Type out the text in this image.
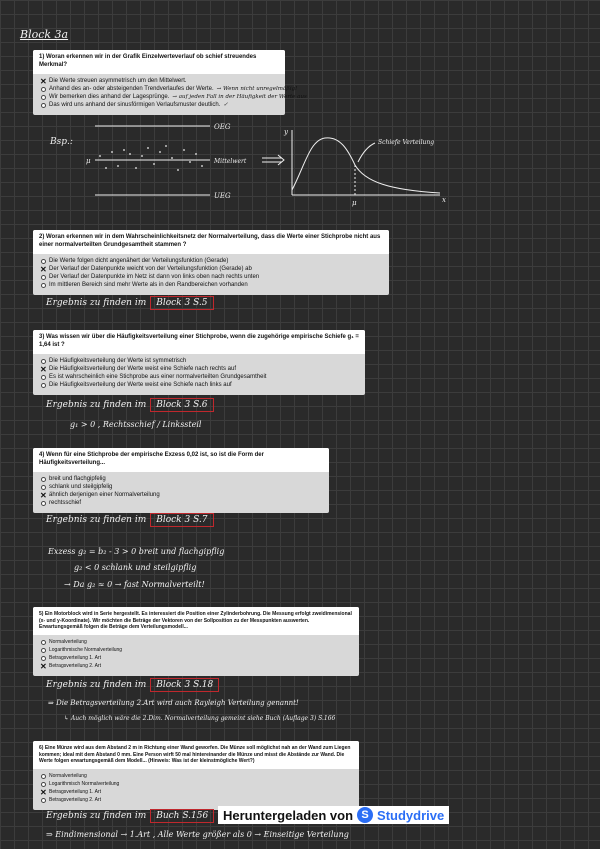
Block 3a
1) Woran erkennen wir in der Grafik Einzelwerteverlauf ob schief streuendes Merkmal?
✕ Die Werte streuen asymmetrisch um den Mittelwert.
Anhand des an- oder absteigenden Trendverlaufes der Werte. → Wenn nicht unregelmäßig!
Wir bemerken dies anhand der Lagesprünge. → auf jeden Fall in der Häufigkeit der Werte aus
Das wird uns anhand der sinusförmigen Verlaufsmuster deutlich. ✓
Bsp.:
OEG
UEG
μ	Mittelwert
y
x
μ
Schiefe Verteilung
2) Woran erkennen wir in dem Wahrscheinlichkeitsnetz der Normalverteilung, dass die Werte einer Stichprobe nicht aus einer normalverteilten Grundgesamtheit stammen ?
Die Werte folgen dicht angenähert der Verteilungsfunktion (Gerade)
✕ Der Verlauf der Datenpunkte weicht von der Verteilungsfunktion (Gerade) ab
Der Verlauf der Datenpunkte im Netz ist dann von links oben nach rechts unten
Im mittleren Bereich sind mehr Werte als in den Randbereichen vorhanden
Ergebnis zu finden im Block 3 S.5
3) Was wissen wir über die Häufigkeitsverteilung einer Stichprobe, wenn die zugehörige empirische Schiefe g₁ = 1,64 ist ?
Die Häufigkeitsverteilung der Werte ist symmetrisch
✕ Die Häufigkeitsverteilung der Werte weist eine Schiefe nach rechts auf
Es ist wahrscheinlich eine Stichprobe aus einer normalverteilten Grundgesamtheit
Die Häufigkeitsverteilung der Werte weist eine Schiefe nach links auf
Ergebnis zu finden im Block 3 S.6
g₁ > 0 , Rechtsschief / Linkssteil
4) Wenn für eine Stichprobe der empirische Exzess 0,02 ist, so ist die Form der Häufigkeitsverteilung...
breit und flachgipfelig
schlank und steilgipfelig
✕ ähnlich derjenigen einer Normalverteilung
rechtsschief
Ergebnis zu finden im Block 3 S.7
Exzess g₂ = b₂ - 3 > 0 breit und flachgipflig
g₂ < 0 schlank und steilgipflig
→ Da g₂ ≈ 0 → fast Normalverteilt!
5) Ein Motorblock wird in Serie hergestellt. Es interessiert die Position einer Zylinderbohrung. Die Messung erfolgt zweidimensional (x- und y-Koordinate). Wir möchten die Beträge der Vektoren von der Sollposition zu der Messpunkten auswerten. Erwartungsgemäß folgen die Beträge dem Verteilungsmodell...
Normalverteilung
Logarithmische Normalverteilung
Betragsverteilung 1. Art
✕ Betragsverteilung 2. Art
Ergebnis zu finden im Block 3 S.18
⇒ Die Betragsverteilung 2.Art wird auch Rayleigh Verteilung genannt!
↳ Auch möglich wäre die 2.Dim. Normalverteilung gemeint siehe Buch (Auflage 3) S.166
6) Eine Münze wird aus dem Abstand 2 m in Richtung einer Wand geworfen. Die Münze soll möglichst nah an der Wand zum Liegen kommen; ideal mit dem Abstand 0 mm. Eine Person wirft 50 mal hintereinander die Münze und misst die Abstände zur Wand. Die Werte folgen erwartungsgemäß dem Modell... (Hinweis: Was ist der kleinstmögliche Wert?)
Normalverteilung
Logarithmisch Normalverteilung
✕ Betragsverteilung 1. Art
Betragsverteilung 2. Art
Ergebnis zu finden im Buch S.156
⇒ Eindimensional → 1.Art , Alle Werte größer als 0 → Einseitige Verteilung
Heruntergeladen von S Studydrive
